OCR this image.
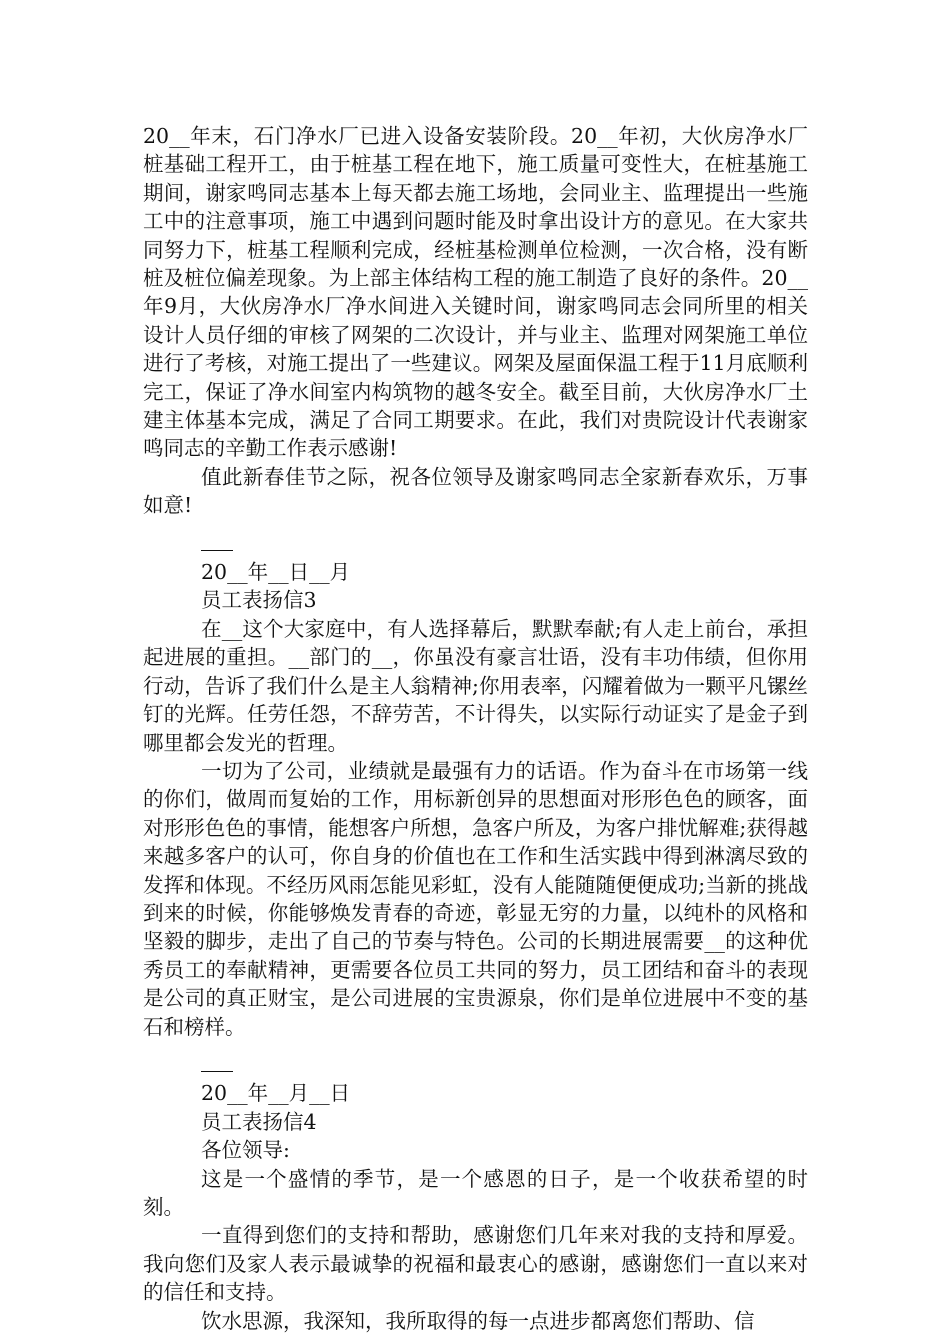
20__年末，石门净水厂已进入设备安装阶段。20__年初，大伙房净水厂桩基础工程开工，由于桩基工程在地下，施工质量可变性大，在桩基施工期间，谢家鸣同志基本上每天都去施工场地，会同业主、监理提出一些施工中的注意事项，施工中遇到问题时能及时拿出设计方的意见。在大家共同努力下，桩基工程顺利完成，经桩基检测单位检测，一次合格，没有断桩及桩位偏差现象。为上部主体结构工程的施工制造了良好的条件。20__年9月，大伙房净水厂净水间进入关键时间，谢家鸣同志会同所里的相关设计人员仔细的审核了网架的二次设计，并与业主、监理对网架施工单位进行了考核，对施工提出了一些建议。网架及屋面保温工程于11月底顺利完工，保证了净水间室内构筑物的越冬安全。截至目前，大伙房净水厂土建主体基本完成，满足了合同工期要求。在此，我们对贵院设计代表谢家鸣同志的辛勤工作表示感谢!

值此新春佳节之际，祝各位领导及谢家鸣同志全家新春欢乐，万事如意!

20__年__日__月

员工表扬信3

在__这个大家庭中，有人选择幕后，默默奉献;有人走上前台，承担起进展的重担。__部门的__，你虽没有豪言壮语，没有丰功伟绩，但你用行动，告诉了我们什么是主人翁精神;你用表率，闪耀着做为一颗平凡镙丝钉的光辉。任劳任怨，不辞劳苦，不计得失，以实际行动证实了是金子到哪里都会发光的哲理。

一切为了公司，业绩就是最强有力的话语。作为奋斗在市场第一线的你们，做周而复始的工作，用标新创异的思想面对形形色色的顾客，面对形形色色的事情，能想客户所想，急客户所及，为客户排忧解难;获得越来越多客户的认可，你自身的价值也在工作和生活实践中得到淋漓尽致的发挥和体现。不经历风雨怎能见彩虹，没有人能随随便便成功;当新的挑战到来的时候，你能够焕发青春的奇迹，彰显无穷的力量，以纯朴的风格和坚毅的脚步，走出了自己的节奏与特色。公司的长期进展需要__的这种优秀员工的奉献精神，更需要各位员工共同的努力，员工团结和奋斗的表现是公司的真正财宝，是公司进展的宝贵源泉，你们是单位进展中不变的基石和榜样。

20__年__月__日

员工表扬信4

各位领导:

这是一个盛情的季节，是一个感恩的日子，是一个收获希望的时刻。

一直得到您们的支持和帮助，感谢您们几年来对我的支持和厚爱。我向您们及家人表示最诚挚的祝福和最衷心的感谢，感谢您们一直以来对的信任和支持。

饮水思源，我深知，我所取得的每一点进步都离您们帮助、信
